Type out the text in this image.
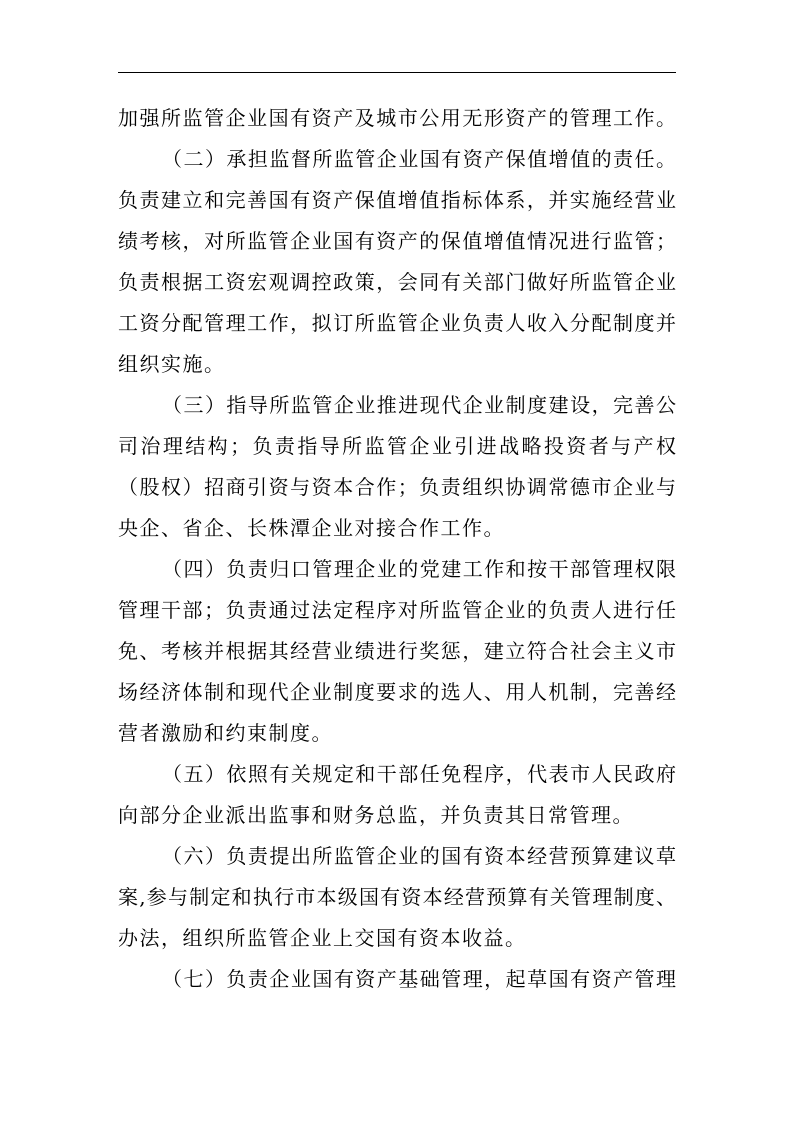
加强所监管企业国有资产及城市公用无形资产的管理工作。
（二）承担监督所监管企业国有资产保值增值的责任。
负责建立和完善国有资产保值增值指标体系，并实施经营业
绩考核，对所监管企业国有资产的保值增值情况进行监管；
负责根据工资宏观调控政策，会同有关部门做好所监管企业
工资分配管理工作，拟订所监管企业负责人收入分配制度并
组织实施。
（三）指导所监管企业推进现代企业制度建设，完善公
司治理结构；负责指导所监管企业引进战略投资者与产权
（股权）招商引资与资本合作；负责组织协调常德市企业与
央企、省企、长株潭企业对接合作工作。
（四）负责归口管理企业的党建工作和按干部管理权限
管理干部；负责通过法定程序对所监管企业的负责人进行任
免、考核并根据其经营业绩进行奖惩，建立符合社会主义市
场经济体制和现代企业制度要求的选人、用人机制，完善经
营者激励和约束制度。
（五）依照有关规定和干部任免程序，代表市人民政府
向部分企业派出监事和财务总监，并负责其日常管理。
（六）负责提出所监管企业的国有资本经营预算建议草
案,参与制定和执行市本级国有资本经营预算有关管理制度、
办法，组织所监管企业上交国有资本收益。
（七）负责企业国有资产基础管理，起草国有资产管理
